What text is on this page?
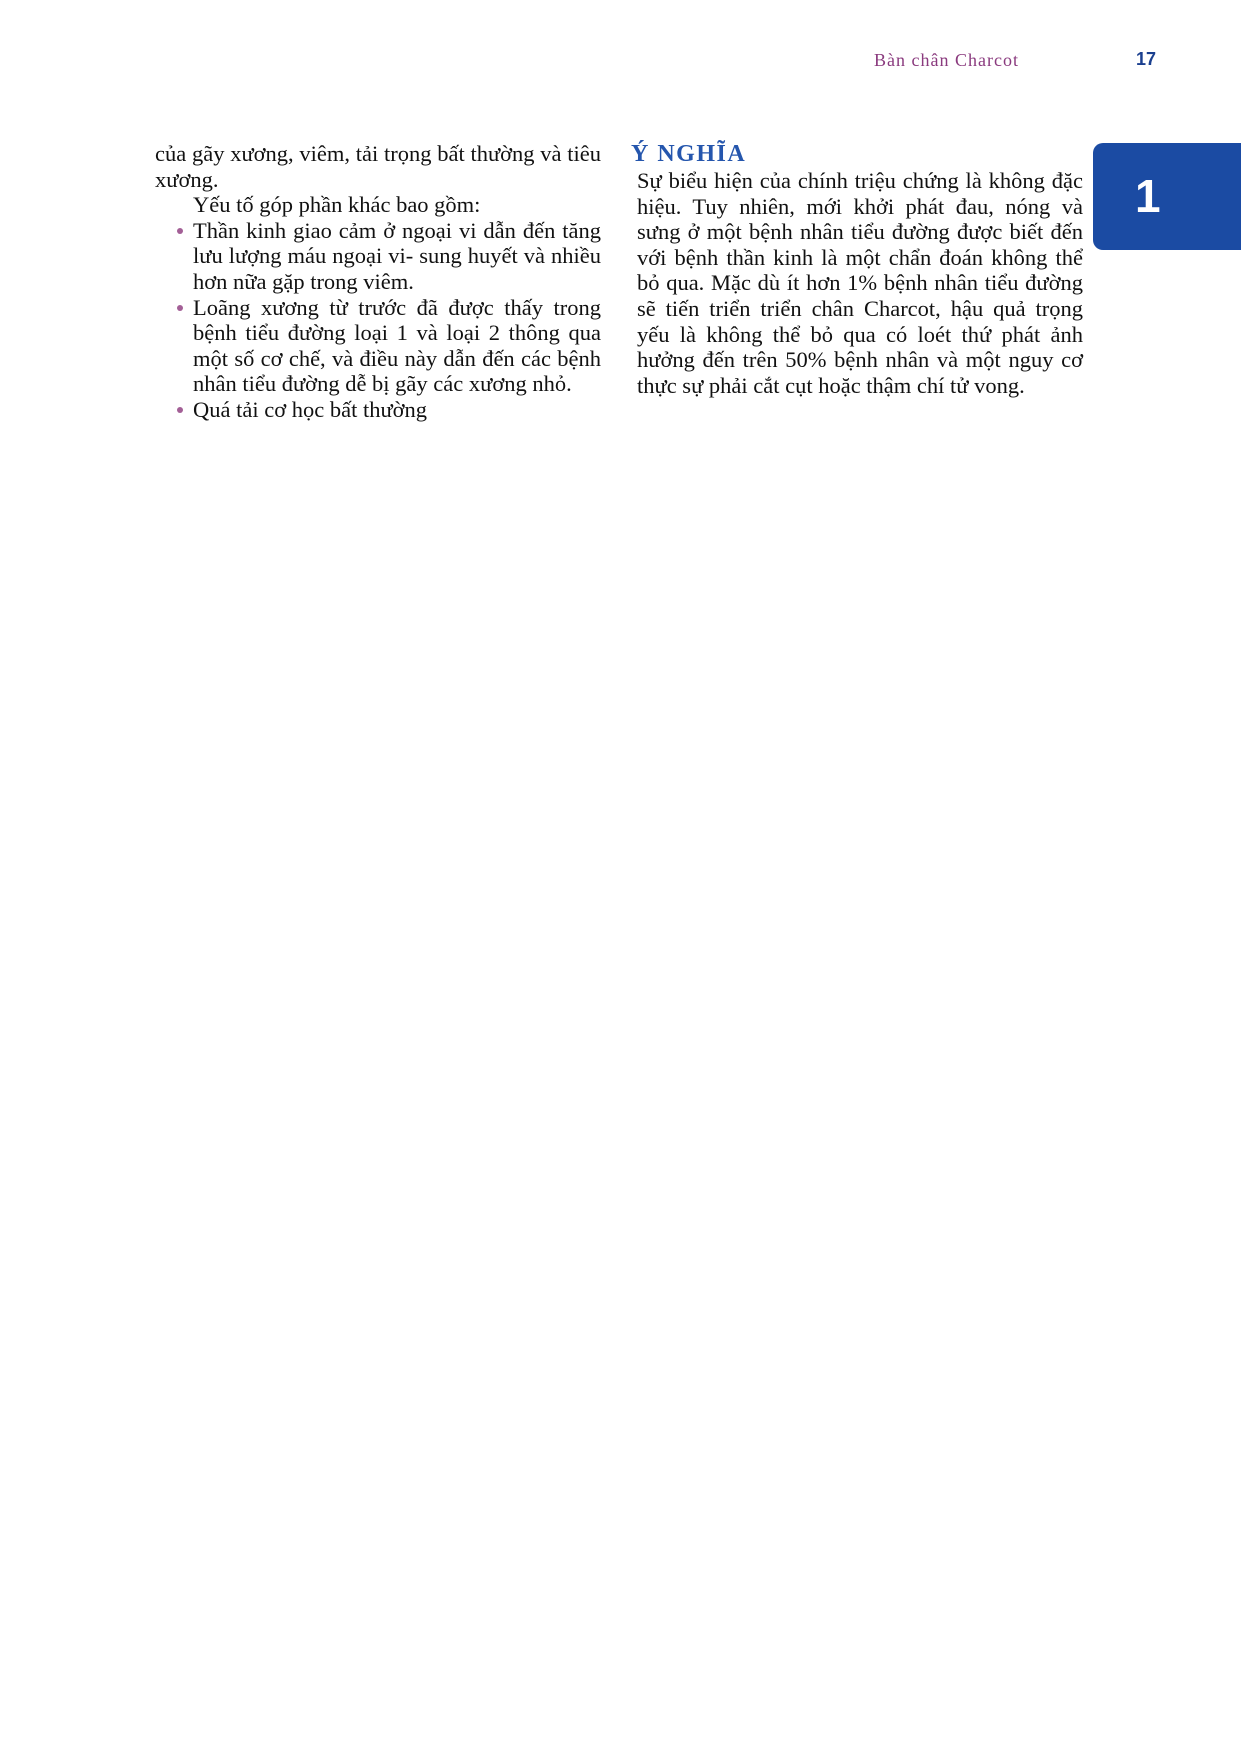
Bàn chân Charcot	17
1

của gãy xương, viêm, tải trọng bất thường và tiêu xương.

Yếu tố góp phần khác bao gồm:

Thần kinh giao cảm ở ngoại vi dẫn đến tăng lưu lượng máu ngoại vi- sung huyết và nhiều hơn nữa gặp trong viêm.
Loãng xương từ trước đã được thấy trong bệnh tiểu đường loại 1 và loại 2 thông qua một số cơ chế, và điều này dẫn đến các bệnh nhân tiểu đường dễ bị gãy các xương nhỏ.
Quá tải cơ học bất thường
Ý NGHĨA

Sự biểu hiện của chính triệu chứng là không đặc hiệu. Tuy nhiên, mới khởi phát đau, nóng và sưng ở một bệnh nhân tiểu đường được biết đến với bệnh thần kinh là một chẩn đoán không thể bỏ qua. Mặc dù ít hơn 1% bệnh nhân tiểu đường sẽ tiến triển triển chân Charcot, hậu quả trọng yếu là không thể bỏ qua có loét thứ phát ảnh hưởng đến trên 50% bệnh nhân và một nguy cơ thực sự phải cắt cụt hoặc thậm chí tử vong.
